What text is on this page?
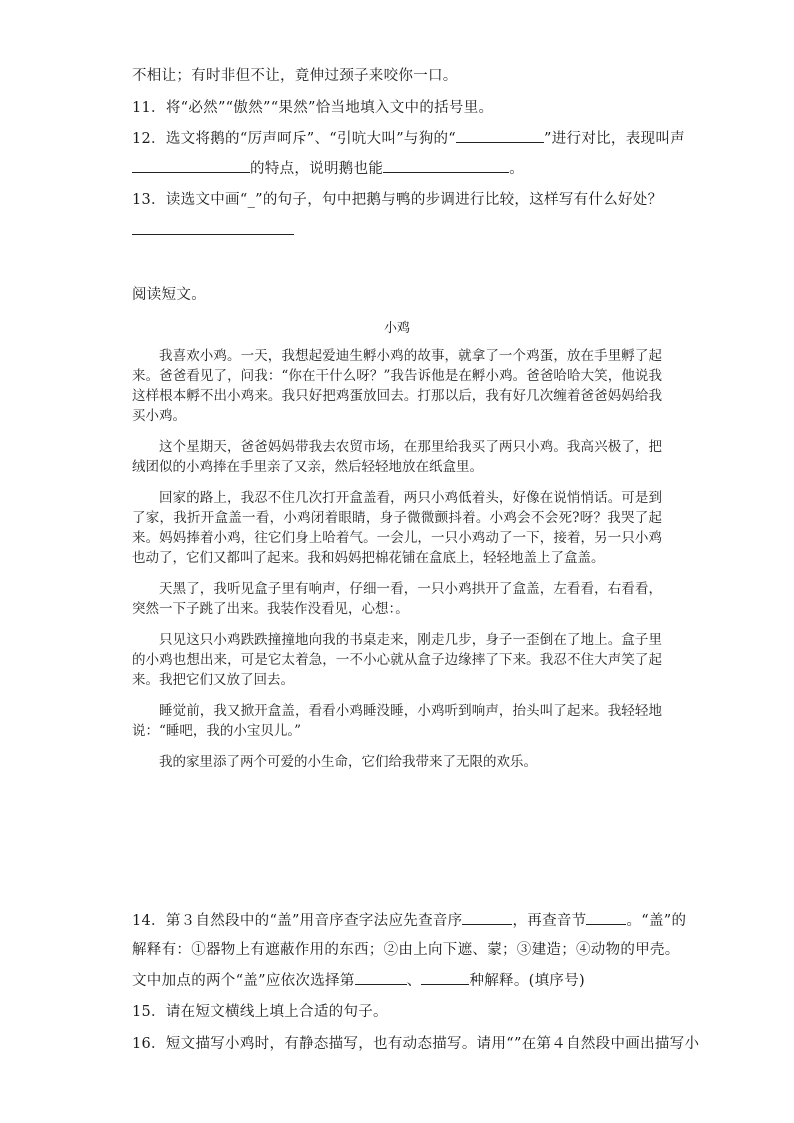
不相让；有时非但不让，竟伸过颈子来咬你一口。
11．将“必然”“傲然”“果然”恰当地填入文中的括号里。
12．选文将鹅的“厉声呵斥”、“引吭大叫”与狗的“	”进行对比，表现叫声
的特点，说明鹅也能	。
13．读选文中画“_”的句子，句中把鹅与鸭的步调进行比较，这样写有什么好处？
阅读短文。
小鸡

我喜欢小鸡。一天，我想起爱迪生孵小鸡的故事，就拿了一个鸡蛋，放在手里孵了起来。爸爸看见了，问我：“你在干什么呀？”我告诉他是在孵小鸡。爸爸哈哈大笑，他说我这样根本孵不出小鸡来。我只好把鸡蛋放回去。打那以后，我有好几次缠着爸爸妈妈给我买小鸡。

这个星期天，爸爸妈妈带我去农贸市场，在那里给我买了两只小鸡。我高兴极了，把绒团似的小鸡捧在手里亲了又亲，然后轻轻地放在纸盒里。

回家的路上，我忍不住几次打开盒盖看，两只小鸡低着头，好像在说悄悄话。可是到了家，我折开盒盖一看，小鸡闭着眼睛，身子微微颤抖着。小鸡会不会死?呀？我哭了起来。妈妈捧着小鸡，往它们身上哈着气。一会儿，一只小鸡动了一下，接着，另一只小鸡也动了，它们又都叫了起来。我和妈妈把棉花铺在盒底上，轻轻地盖上了盒盖。

天黑了，我听见盒子里有响声，仔细一看，一只小鸡拱开了盒盖，左看看，右看看，突然一下子跳了出来。我装作没看见，心想：。

只见这只小鸡跌跌撞撞地向我的书桌走来，刚走几步，身子一歪倒在了地上。盒子里的小鸡也想出来，可是它太着急，一不小心就从盒子边缘摔了下来。我忍不住大声笑了起来。我把它们又放了回去。

睡觉前，我又掀开盒盖，看看小鸡睡没睡，小鸡听到响声，抬头叫了起来。我轻轻地说：“睡吧，我的小宝贝儿。”

我的家里添了两个可爱的小生命，它们给我带来了无限的欢乐。

14．第３自然段中的“盖”用音序查字法应先查音序	，再查音节	。“盖”的
解释有：①器物上有遮蔽作用的东西；②由上向下遮、蒙；③建造；④动物的甲壳。
文中加点的两个“盖”应依次选择第	、	种解释。(填序号)
15．请在短文横线上填上合适的句子。
16．短文描写小鸡时，有静态描写，也有动态描写。请用“”在第４自然段中画出描写小
